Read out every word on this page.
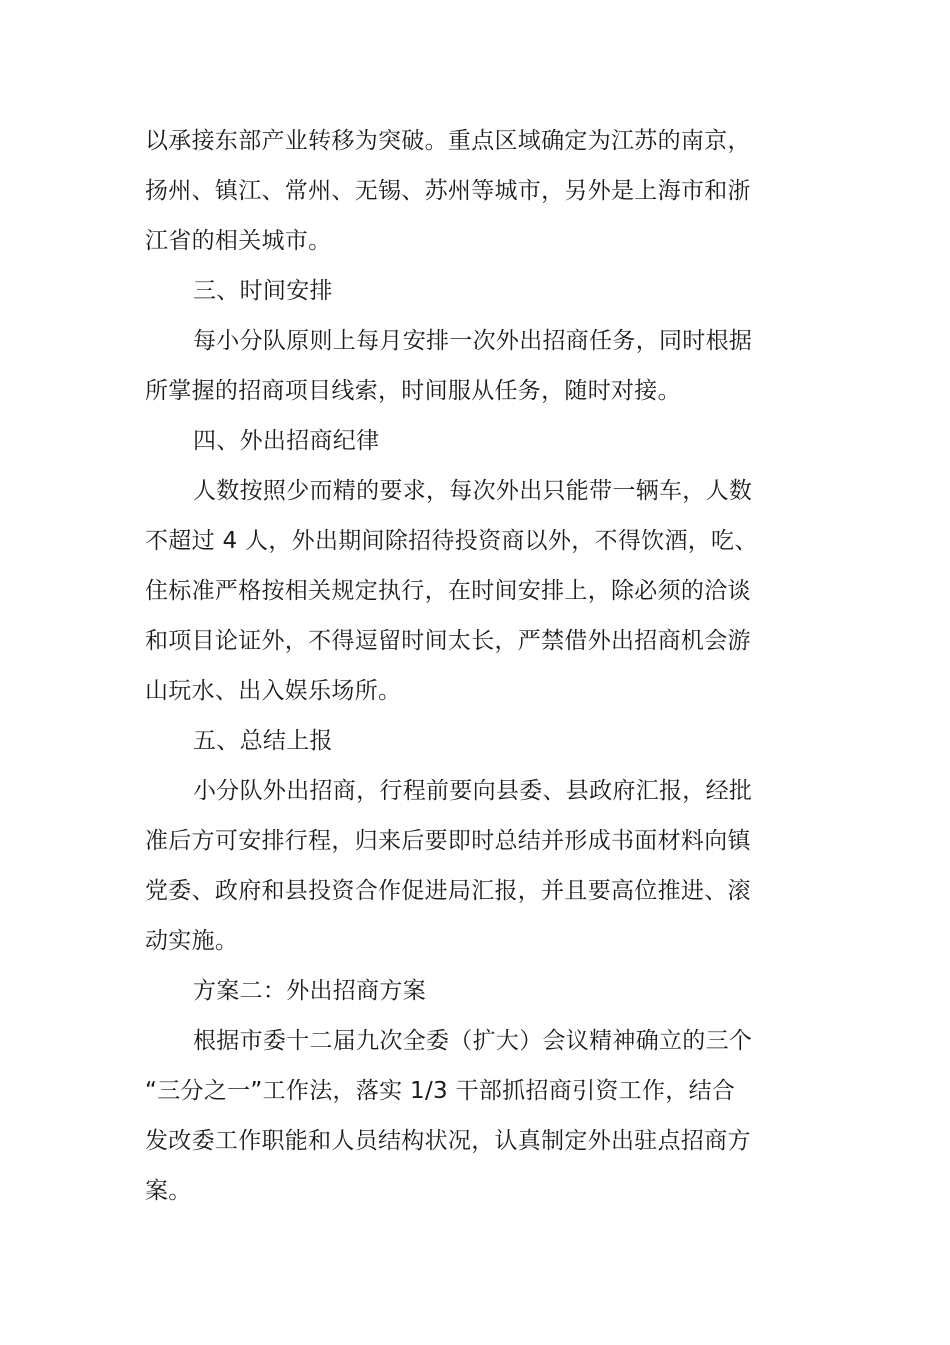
以承接东部产业转移为突破。重点区域确定为江苏的南京，
扬州、镇江、常州、无锡、苏州等城市，另外是上海市和浙
江省的相关城市。
三、时间安排
每小分队原则上每月安排一次外出招商任务，同时根据
所掌握的招商项目线索，时间服从任务，随时对接。
四、外出招商纪律
人数按照少而精的要求，每次外出只能带一辆车，人数
不超过 4 人，外出期间除招待投资商以外，不得饮酒，吃、
住标准严格按相关规定执行，在时间安排上，除必须的洽谈
和项目论证外，不得逗留时间太长，严禁借外出招商机会游
山玩水、出入娱乐场所。
五、总结上报
小分队外出招商，行程前要向县委、县政府汇报，经批
准后方可安排行程，归来后要即时总结并形成书面材料向镇
党委、政府和县投资合作促进局汇报，并且要高位推进、滚
动实施。
方案二：外出招商方案
根据市委十二届九次全委（扩大）会议精神确立的三个
“三分之一”工作法，落实 1/3 干部抓招商引资工作，结合
发改委工作职能和人员结构状况，认真制定外出驻点招商方
案。
